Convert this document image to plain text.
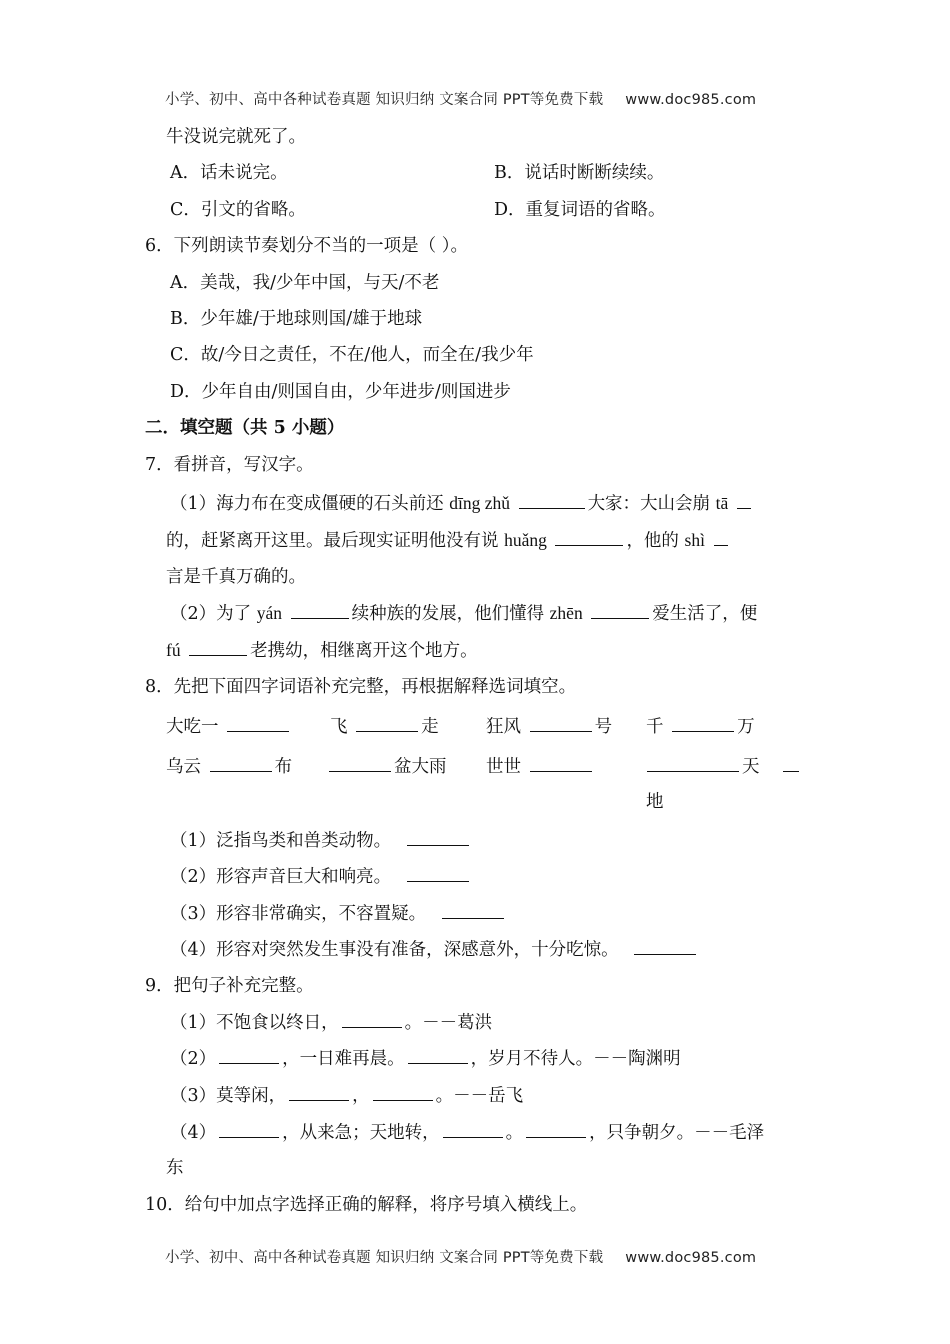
小学、初中、高中各种试卷真题 知识归纳 文案合同 PPT等免费下载 www.doc985.com
牛没说完就死了。
A．话未说完。	B．说话时断断续续。
C．引文的省略。	D．重复词语的省略。
6．下列朗读节奏划分不当的一项是（ ）。
A．美哉，我/少年中国，与天/不老
B．少年雄/于地球则国/雄于地球
C．故/今日之责任，不在/他人，而全在/我少年
D．少年自由/则国自由，少年进步/则国进步
二．填空题（共 5 小题）
7．看拼音，写汉字。
（1）海力布在变成僵硬的石头前还 dīng zhǔ	大家：大山会崩 tā
的，赶紧离开这里。最后现实证明他没有说 huǎng	，他的 shì
言是千真万确的。
（2）为了 yán	续种族的发展，他们懂得 zhēn	爱生活了，便
fú	老携幼，相继离开这个地方。
8．先把下面四字词语补充完整，再根据解释选词填空。
大吃一	飞	走	狂风	号 千	万
乌云	布	盆大雨 世世	天
地
（1）泛指鸟类和兽类动物。
（2）形容声音巨大和响亮。
（3）形容非常确实，不容置疑。
（4）形容对突然发生事没有准备，深感意外，十分吃惊。
9．把句子补充完整。
（1）不饱食以终日，	。－－葛洪
（2）	，一日难再晨。	，岁月不待人。－－陶渊明
（3）莫等闲，	，	。－－岳飞
（4）	，从来急；天地转，	。	，只争朝夕。－－毛泽
东
10．给句中加点字选择正确的解释，将序号填入横线上。
小学、初中、高中各种试卷真题 知识归纳 文案合同 PPT等免费下载 www.doc985.com
